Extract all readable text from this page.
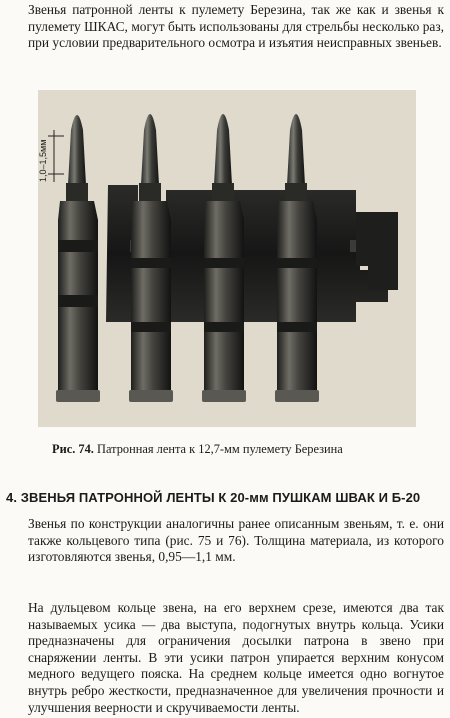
Звенья патронной ленты к пулемету Березина, так же как и звенья к пулемету ШКАС, могут быть использованы для стрельбы несколько раз, при условии предварительного осмотра и изъятия неисправных звеньев.

1,0–1,5мм

Рис. 74. Патронная лента к 12,7-мм пулемету Березина

4. ЗВЕНЬЯ ПАТРОННОЙ ЛЕНТЫ К 20-мм ПУШКАМ ШВАК И Б-20

Звенья по конструкции аналогичны ранее описанным звеньям, т. е. они также кольцевого типа (рис. 75 и 76). Толщина материала, из которого изготовляются звенья, 0,95—1,1 мм.

На дульцевом кольце звена, на его верхнем срезе, имеются два так называемых усика — два выступа, подогнутых внутрь кольца. Усики предназначены для ограничения досылки патрона в звено при снаряжении ленты. В эти усики патрон упирается верхним конусом медного ведущего пояска. На среднем кольце имеется одно вогнутое внутрь ребро жесткости, предназначенное для увеличения прочности и улучшения веерности и скручиваемости ленты.
